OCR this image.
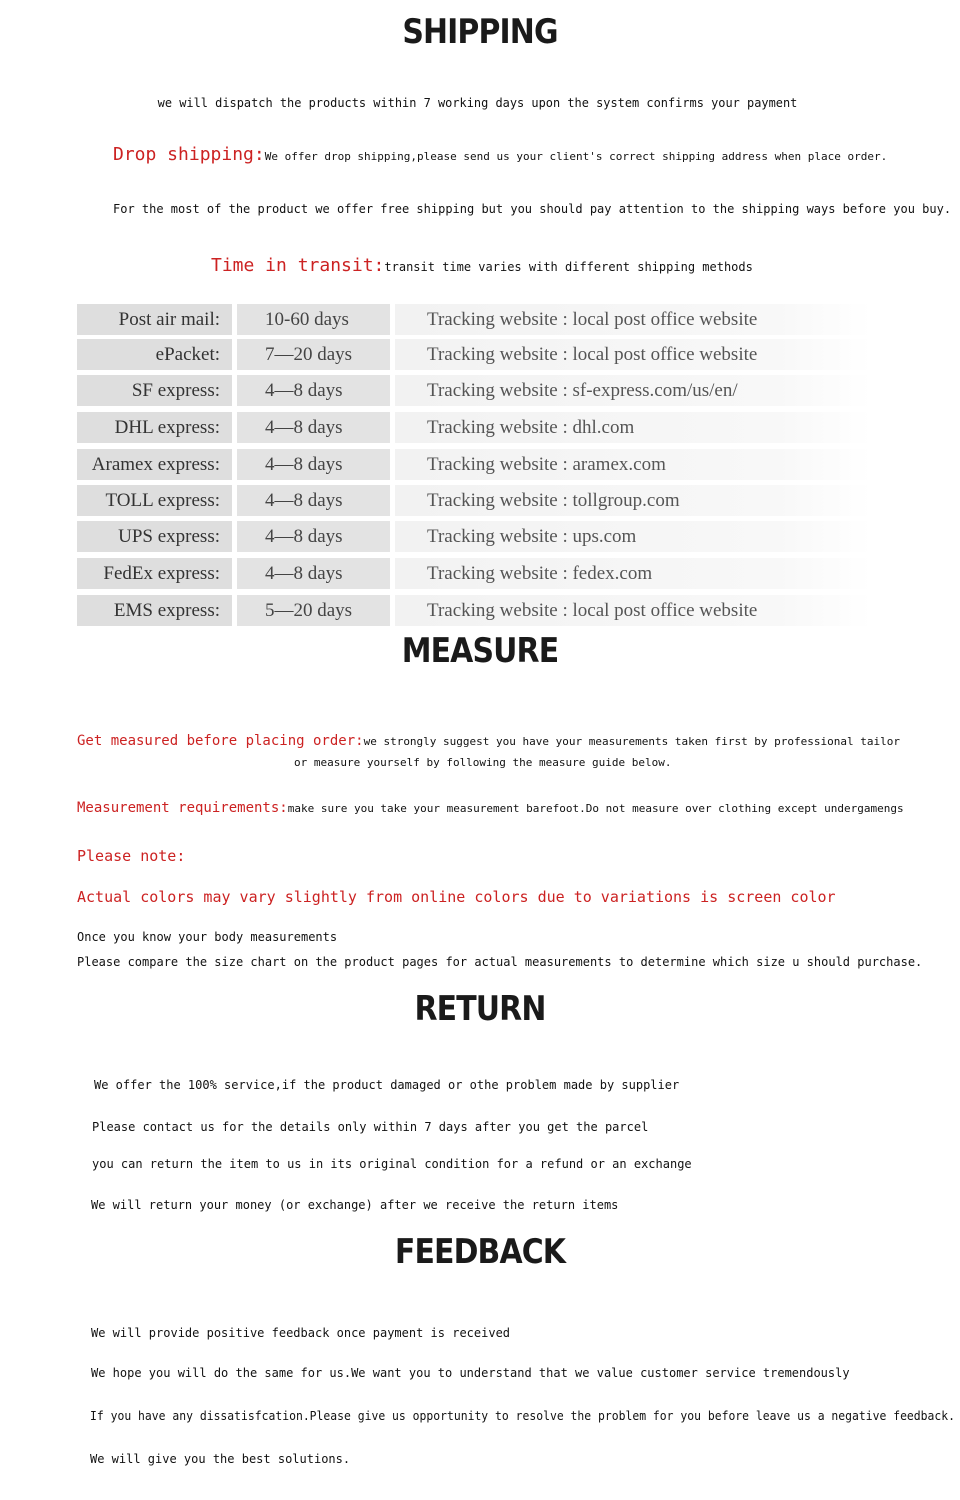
SHIPPING
we will dispatch the products within 7 working days upon the system confirms your payment
Drop shipping:We offer drop shipping,please send us your client's correct shipping address when place order.
For the most of the product we offer free shipping but you should pay attention to the shipping ways before you buy.
Time in transit:transit time varies with different shipping methods
Post air mail:	10-60 days	Tracking website : local post office website
ePacket:	7—20 days	Tracking website : local post office website
SF express:	4—8 days	Tracking website : sf-express.com/us/en/
DHL express:	4—8 days	Tracking website : dhl.com
Aramex express:	4—8 days	Tracking website : aramex.com
TOLL express:	4—8 days	Tracking website : tollgroup.com
UPS express:	4—8 days	Tracking website : ups.com
FedEx express:	4—8 days	Tracking website : fedex.com
EMS express:	5—20 days	Tracking website : local post office website
MEASURE
Get measured before placing order:we strongly suggest you have your measurements taken first by professional tailor
or measure yourself by following the measure guide below.
Measurement requirements:make sure you take your measurement barefoot.Do not measure over clothing except undergamengs
Please note:
Actual colors may vary slightly from online colors due to variations is screen color
Once you know your body measurements
Please compare the size chart on the product pages for actual measurements to determine which size u should purchase.
RETURN
We offer the 100% service,if the product damaged or othe problem made by supplier
Please contact us for the details only within 7 days after you get the parcel
you can return the item to us in its original condition for a refund or an exchange
We will return your money (or exchange) after we receive the return items
FEEDBACK
We will provide positive feedback once payment is received
We hope you will do the same for us.We want you to understand that we value customer service tremendously
If you have any dissatisfcation.Please give us opportunity to resolve the problem for you before leave us a negative feedback.
We will give you the best solutions.
